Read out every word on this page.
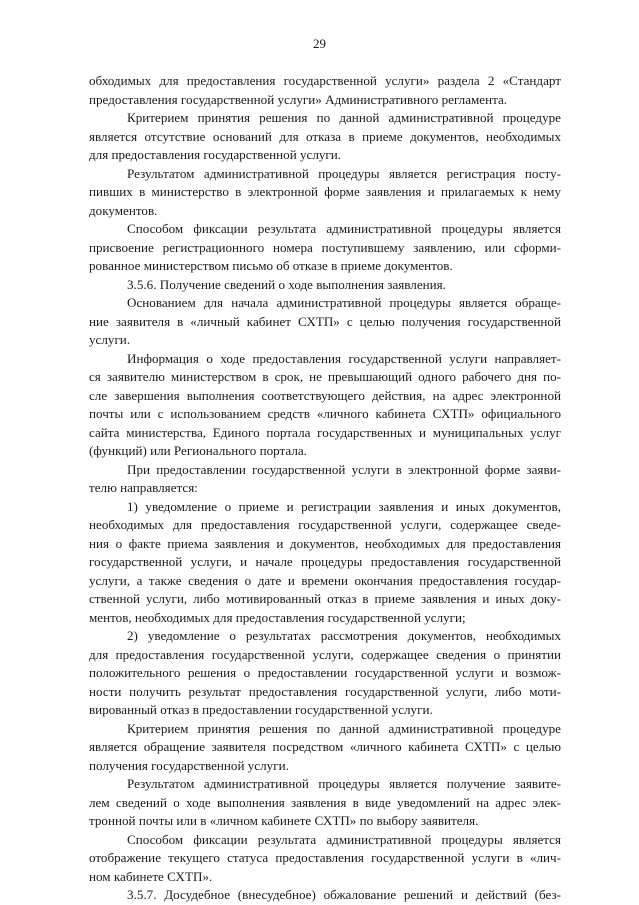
29
обходимых для предоставления государственной услуги» раздела 2 «Стандарт
предоставления государственной услуги» Административного регламента.
Критерием принятия решения по данной административной процедуре
является отсутствие оснований для отказа в приеме документов, необходимых
для предоставления государственной услуги.
Результатом административной процедуры является регистрация посту-
пивших в министерство в электронной форме заявления и прилагаемых к нему
документов.
Способом фиксации результата административной процедуры является
присвоение регистрационного номера поступившему заявлению, или сформи-
рованное министерством письмо об отказе в приеме документов.
3.5.6. Получение сведений о ходе выполнения заявления.
Основанием для начала административной процедуры является обраще-
ние заявителя в «личный кабинет СХТП» с целью получения государственной
услуги.
Информация о ходе предоставления государственной услуги направляет-
ся заявителю министерством в срок, не превышающий одного рабочего дня по-
сле завершения выполнения соответствующего действия, на адрес электронной
почты или с использованием средств «личного кабинета СХТП» официального
сайта министерства, Единого портала государственных и муниципальных услуг
(функций) или Регионального портала.
При предоставлении государственной услуги в электронной форме заяви-
телю направляется:
1) уведомление о приеме и регистрации заявления и иных документов,
необходимых для предоставления государственной услуги, содержащее сведе-
ния о факте приема заявления и документов, необходимых для предоставления
государственной услуги, и начале процедуры предоставления государственной
услуги, а также сведения о дате и времени окончания предоставления государ-
ственной услуги, либо мотивированный отказ в приеме заявления и иных доку-
ментов, необходимых для предоставления государственной услуги;
2) уведомление о результатах рассмотрения документов, необходимых
для предоставления государственной услуги, содержащее сведения о принятии
положительного решения о предоставлении государственной услуги и возмож-
ности получить результат предоставления государственной услуги, либо моти-
вированный отказ в предоставлении государственной услуги.
Критерием принятия решения по данной административной процедуре
является обращение заявителя посредством «личного кабинета СХТП» с целью
получения государственной услуги.
Результатом административной процедуры является получение заявите-
лем сведений о ходе выполнения заявления в виде уведомлений на адрес элек-
тронной почты или в «личном кабинете СХТП» по выбору заявителя.
Способом фиксации результата административной процедуры является
отображение текущего статуса предоставления государственной услуги в «лич-
ном кабинете СХТП».
3.5.7. Досудебное (внесудебное) обжалование решений и действий (без-
